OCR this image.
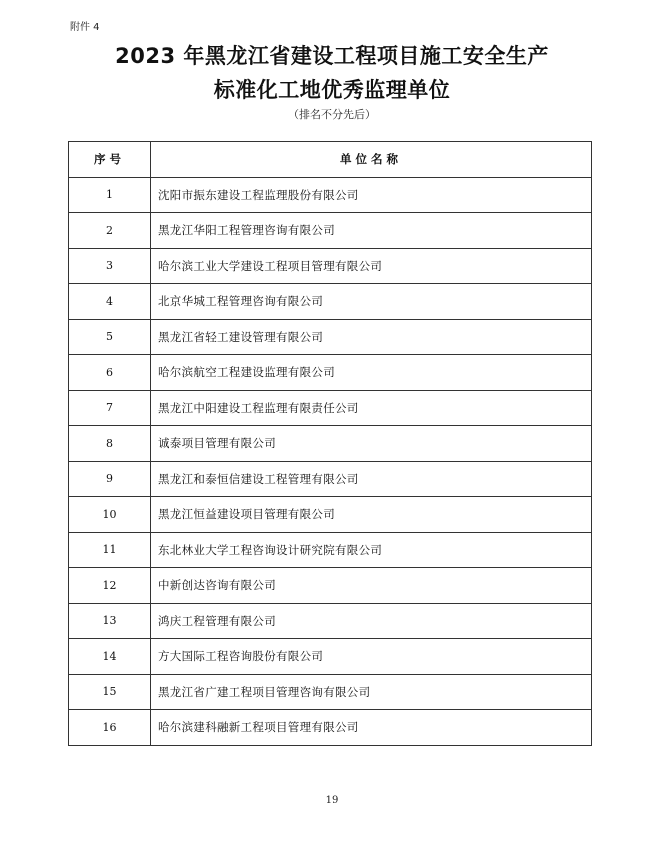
附件 4
2023 年黑龙江省建设工程项目施工安全生产
标准化工地优秀监理单位
（排名不分先后）
序号	单位名称
1	沈阳市振东建设工程监理股份有限公司
2	黑龙江华阳工程管理咨询有限公司
3	哈尔滨工业大学建设工程项目管理有限公司
4	北京华城工程管理咨询有限公司
5	黑龙江省轻工建设管理有限公司
6	哈尔滨航空工程建设监理有限公司
7	黑龙江中阳建设工程监理有限责任公司
8	诚泰项目管理有限公司
9	黑龙江和泰恒信建设工程管理有限公司
10	黑龙江恒益建设项目管理有限公司
11	东北林业大学工程咨询设计研究院有限公司
12	中新创达咨询有限公司
13	鸿庆工程管理有限公司
14	方大国际工程咨询股份有限公司
15	黑龙江省广建工程项目管理咨询有限公司
16	哈尔滨建科融新工程项目管理有限公司
19
